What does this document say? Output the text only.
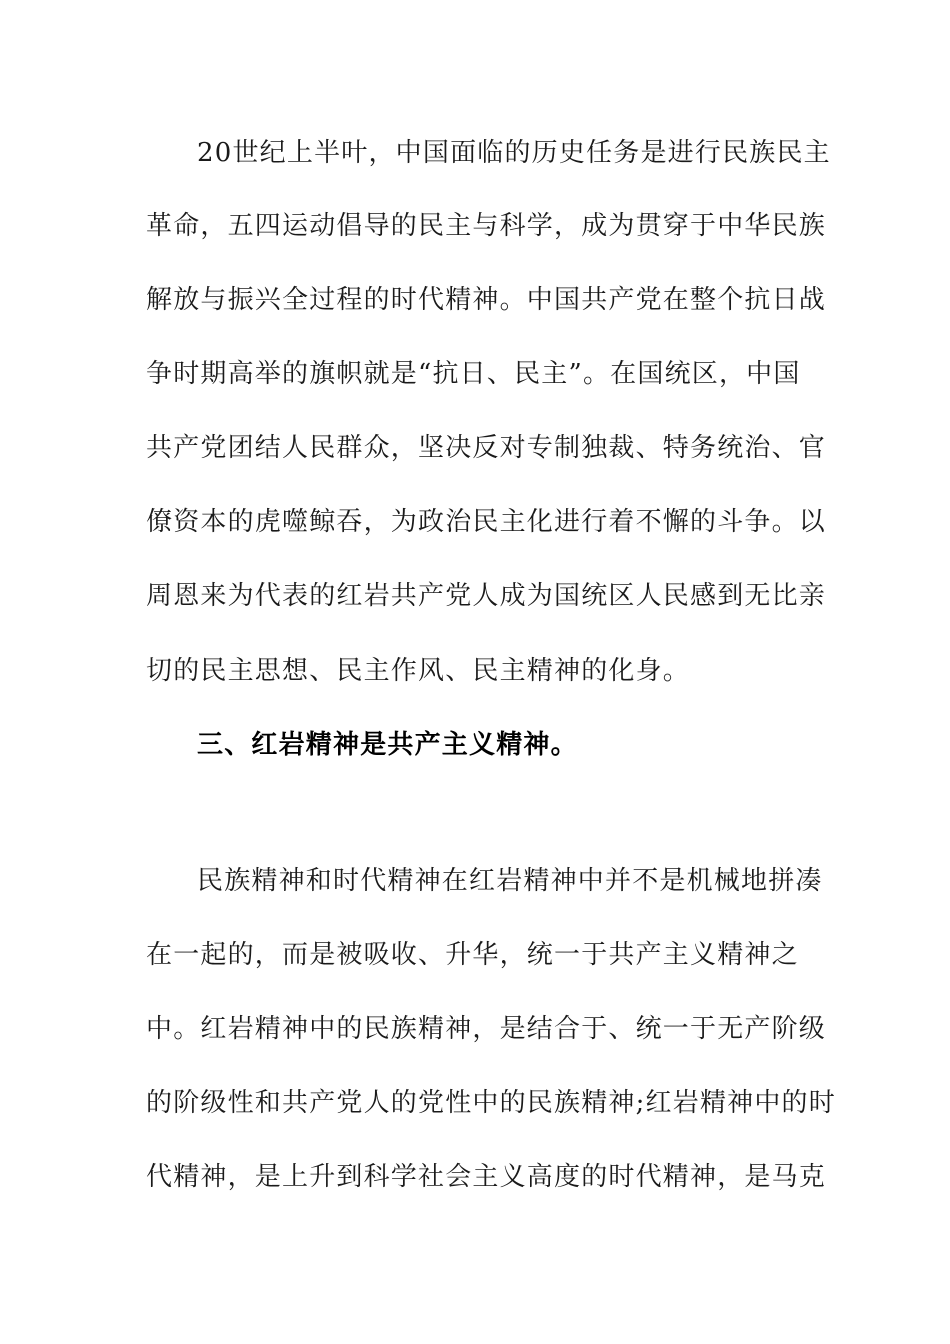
20世纪上半叶，中国面临的历史任务是进行民族民主
革命，五四运动倡导的民主与科学，成为贯穿于中华民族
解放与振兴全过程的时代精神。中国共产党在整个抗日战
争时期高举的旗帜就是“抗日、民主”。在国统区，中国
共产党团结人民群众，坚决反对专制独裁、特务统治、官
僚资本的虎噬鲸吞，为政治民主化进行着不懈的斗争。以
周恩来为代表的红岩共产党人成为国统区人民感到无比亲
切的民主思想、民主作风、民主精神的化身。
三、红岩精神是共产主义精神。
民族精神和时代精神在红岩精神中并不是机械地拼凑
在一起的，而是被吸收、升华，统一于共产主义精神之
中。红岩精神中的民族精神，是结合于、统一于无产阶级
的阶级性和共产党人的党性中的民族精神;红岩精神中的时
代精神，是上升到科学社会主义高度的时代精神，是马克
